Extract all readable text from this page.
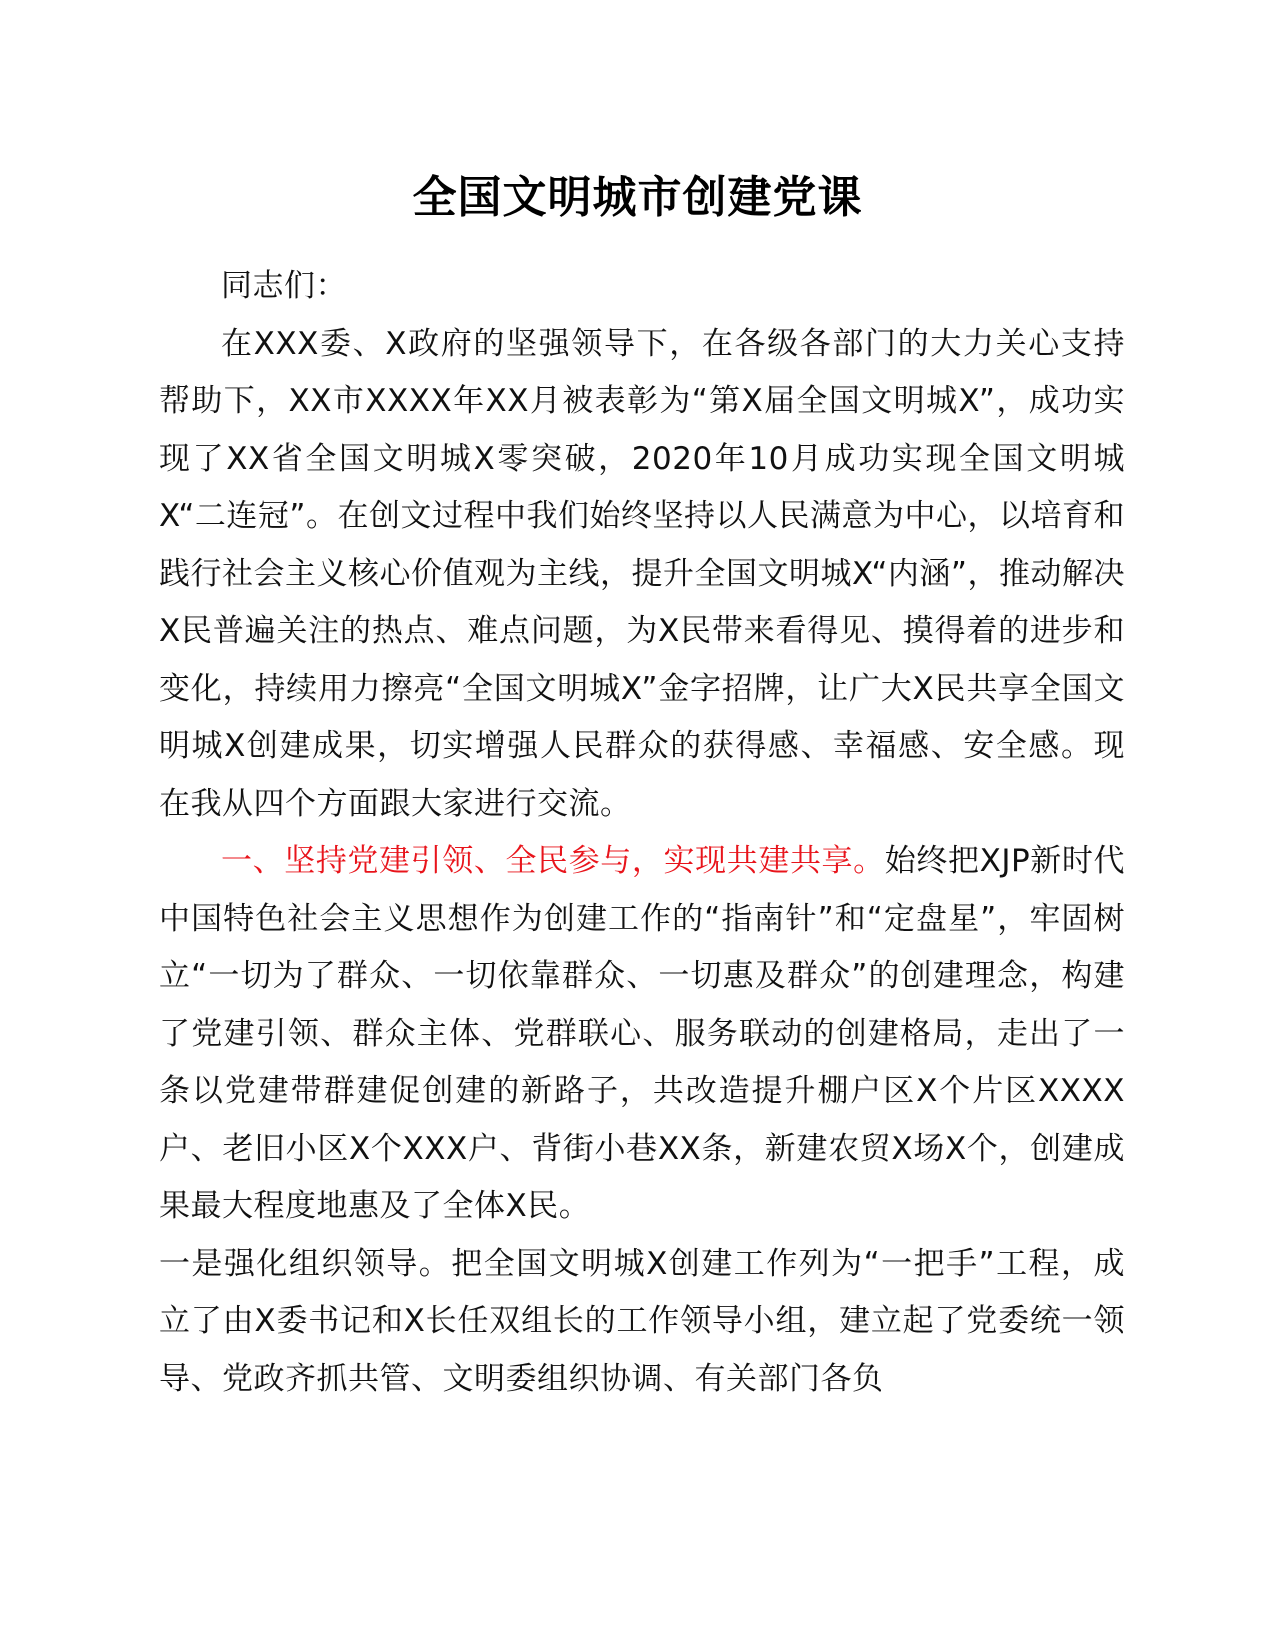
全国文明城市创建党课

同志们：

在XXX委、X政府的坚强领导下，在各级各部门的大力关心支持帮助下，XX市XXXX年XX月被表彰为“第X届全国文明城X”，成功实现了XX省全国文明城X零突破，2020年10月成功实现全国文明城X“二连冠”。在创文过程中我们始终坚持以人民满意为中心，以培育和践行社会主义核心价值观为主线，提升全国文明城X“内涵”，推动解决X民普遍关注的热点、难点问题，为X民带来看得见、摸得着的进步和变化，持续用力擦亮“全国文明城X”金字招牌，让广大X民共享全国文明城X创建成果，切实增强人民群众的获得感、幸福感、安全感。现在我从四个方面跟大家进行交流。

一、坚持党建引领、全民参与，实现共建共享。始终把XJP新时代中国特色社会主义思想作为创建工作的“指南针”和“定盘星”，牢固树立“一切为了群众、一切依靠群众、一切惠及群众”的创建理念，构建了党建引领、群众主体、党群联心、服务联动的创建格局，走出了一条以党建带群建促创建的新路子，共改造提升棚户区X个片区XXXX户、老旧小区X个XXX户、背街小巷XX条，新建农贸X场X个，创建成果最大程度地惠及了全体X民。

一是强化组织领导。把全国文明城X创建工作列为“一把手”工程，成立了由X委书记和X长任双组长的工作领导小组，建立起了党委统一领导、党政齐抓共管、文明委组织协调、有关部门各负
